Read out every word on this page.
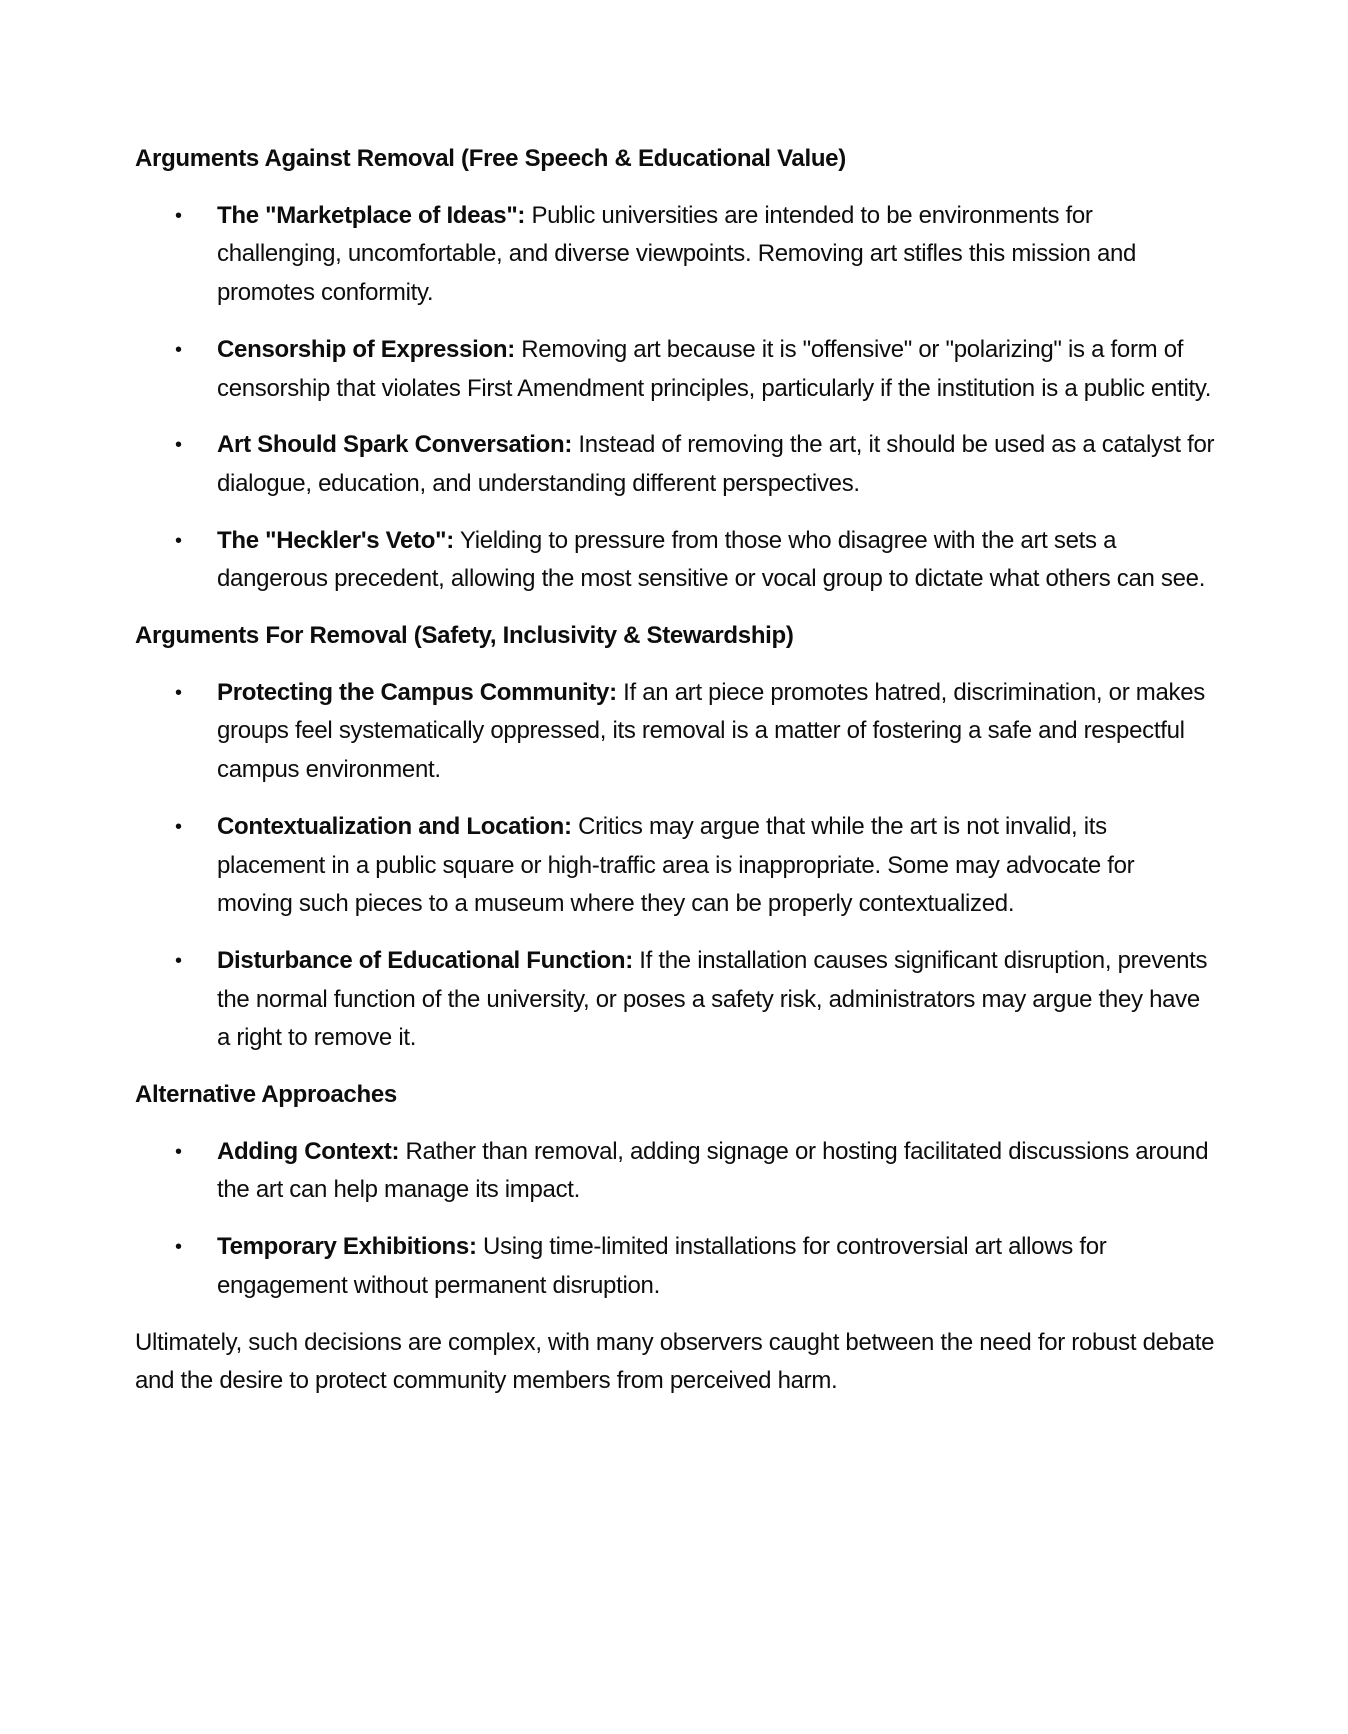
Arguments Against Removal (Free Speech & Educational Value)
• The "Marketplace of Ideas": Public universities are intended to be environments for challenging, uncomfortable, and diverse viewpoints. Removing art stifles this mission and promotes conformity.
• Censorship of Expression: Removing art because it is "offensive" or "polarizing" is a form of censorship that violates First Amendment principles, particularly if the institution is a public entity.
• Art Should Spark Conversation: Instead of removing the art, it should be used as a catalyst for dialogue, education, and understanding different perspectives.
• The "Heckler's Veto": Yielding to pressure from those who disagree with the art sets a dangerous precedent, allowing the most sensitive or vocal group to dictate what others can see.
Arguments For Removal (Safety, Inclusivity & Stewardship)
• Protecting the Campus Community: If an art piece promotes hatred, discrimination, or makes groups feel systematically oppressed, its removal is a matter of fostering a safe and respectful campus environment.
• Contextualization and Location: Critics may argue that while the art is not invalid, its placement in a public square or high-traffic area is inappropriate. Some may advocate for moving such pieces to a museum where they can be properly contextualized.
• Disturbance of Educational Function: If the installation causes significant disruption, prevents the normal function of the university, or poses a safety risk, administrators may argue they have a right to remove it.
Alternative Approaches
• Adding Context: Rather than removal, adding signage or hosting facilitated discussions around the art can help manage its impact.
• Temporary Exhibitions: Using time-limited installations for controversial art allows for engagement without permanent disruption.

Ultimately, such decisions are complex, with many observers caught between the need for robust debate and the desire to protect community members from perceived harm.
